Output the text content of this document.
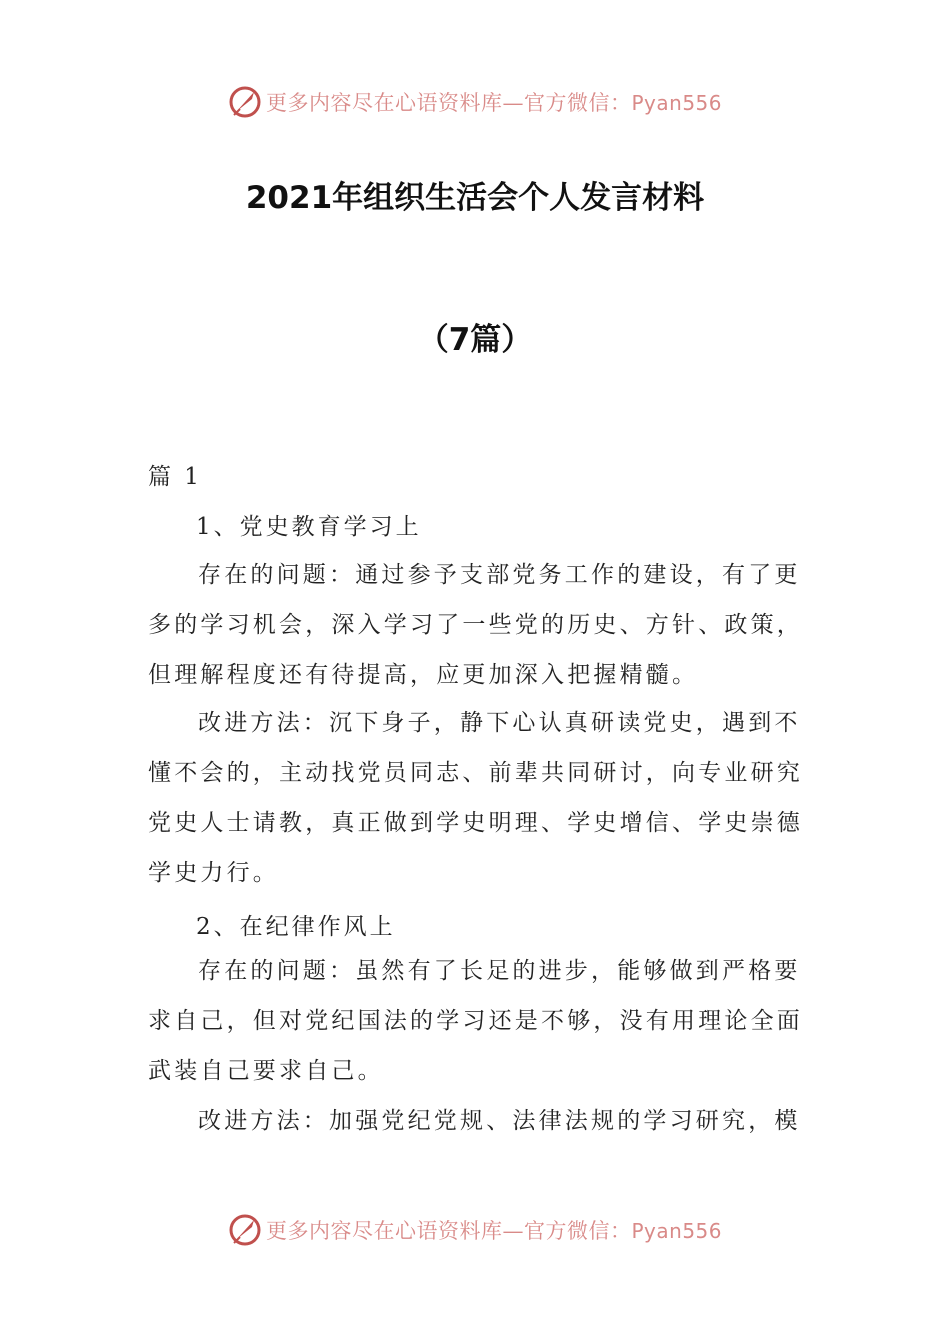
更多内容尽在心语资料库—官方微信：Pyan556
2021年组织生活会个人发言材料
（7篇）
篇 1
1、党史教育学习上

存在的问题：通过参予支部党务工作的建设，有了更多的学习机会，深入学习了一些党的历史、方针、政策，但理解程度还有待提高，应更加深入把握精髓。

改进方法：沉下身子，静下心认真研读党史，遇到不懂不会的，主动找党员同志、前辈共同研讨，向专业研究党史人士请教，真正做到学史明理、学史增信、学史崇德学史力行。

2、在纪律作风上

存在的问题：虽然有了长足的进步，能够做到严格要求自己，但对党纪国法的学习还是不够，没有用理论全面武装自己要求自己。

改进方法：加强党纪党规、法律法规的学习研究，模

更多内容尽在心语资料库—官方微信：Pyan556
